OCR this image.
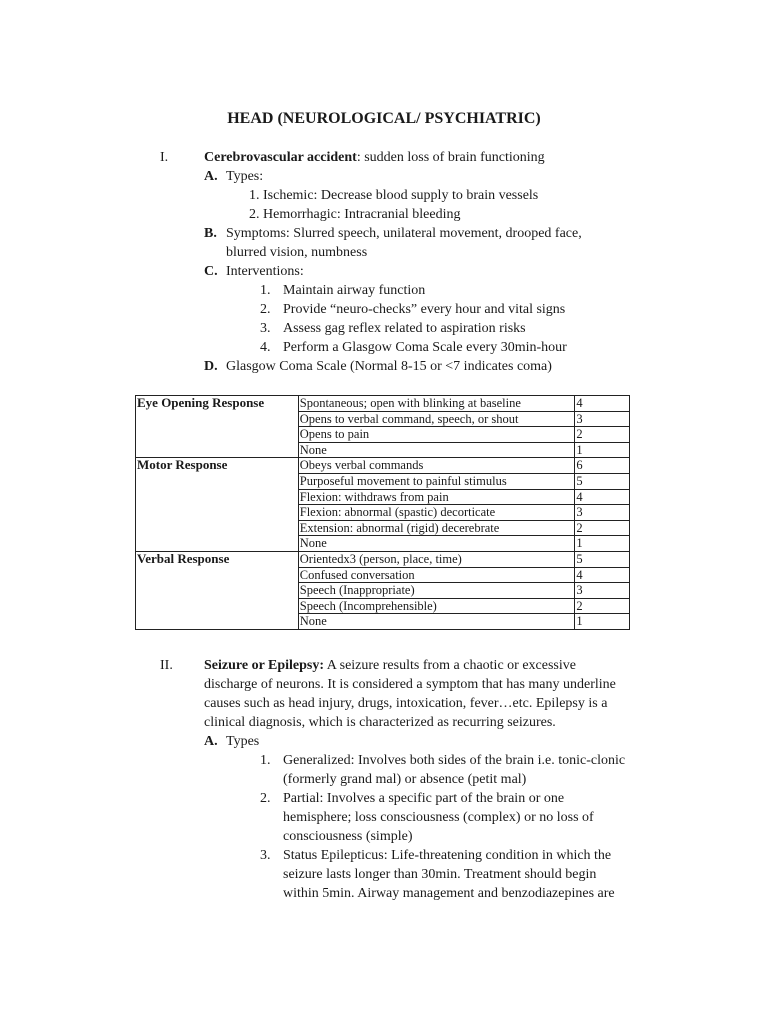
HEAD (NEUROLOGICAL/ PSYCHIATRIC)
I.	Cerebrovascular accident: sudden loss of brain functioning
A. Types:
1. Ischemic: Decrease blood supply to brain vessels
2. Hemorrhagic: Intracranial bleeding
B. Symptoms: Slurred speech, unilateral movement, drooped face,
blurred vision, numbness
C. Interventions:
1. Maintain airway function
2. Provide “neuro-checks” every hour and vital signs
3. Assess gag reflex related to aspiration risks
4. Perform a Glasgow Coma Scale every 30min-hour
D. Glasgow Coma Scale (Normal 8-15 or <7 indicates coma)
Eye Opening Response	Spontaneous; open with blinking at baseline	4
	Opens to verbal command, speech, or shout	3
	Opens to pain	2
	None	1
Motor Response	Obeys verbal commands	6
	Purposeful movement to painful stimulus	5
	Flexion: withdraws from pain	4
	Flexion: abnormal (spastic) decorticate	3
	Extension: abnormal (rigid) decerebrate	2
	None	1
Verbal Response	Orientedx3 (person, place, time)	5
	Confused conversation	4
	Speech (Inappropriate)	3
	Speech (Incomprehensible)	2
	None	1
II. Seizure or Epilepsy: A seizure results from a chaotic or excessive
discharge of neurons. It is considered a symptom that has many underline
causes such as head injury, drugs, intoxication, fever…etc. Epilepsy is a
clinical diagnosis, which is characterized as recurring seizures.
A. Types
1. Generalized: Involves both sides of the brain i.e. tonic-clonic
(formerly grand mal) or absence (petit mal)
2. Partial: Involves a specific part of the brain or one
hemisphere; loss consciousness (complex) or no loss of
consciousness (simple)
3. Status Epilepticus: Life-threatening condition in which the
seizure lasts longer than 30min. Treatment should begin
within 5min. Airway management and benzodiazepines are
